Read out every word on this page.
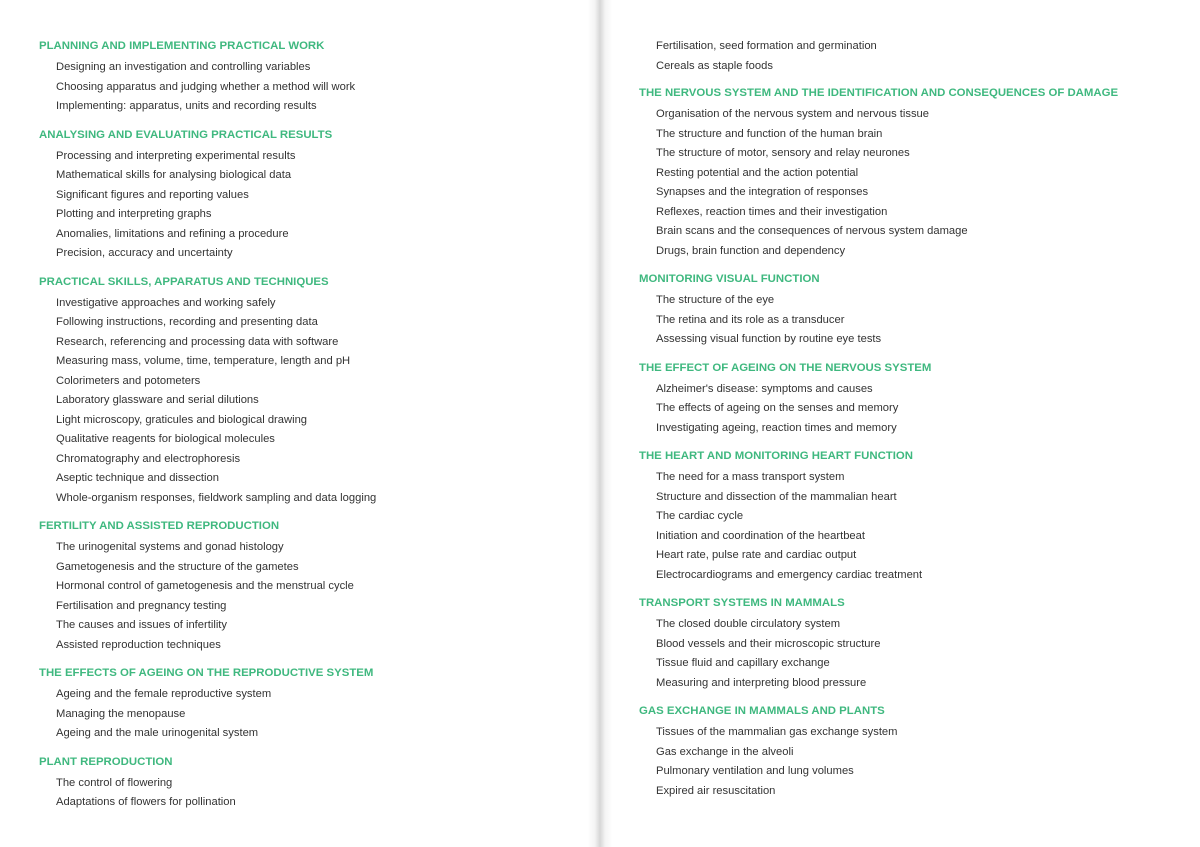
PLANNING AND IMPLEMENTING PRACTICAL WORK
Designing an investigation and controlling variables
Choosing apparatus and judging whether a method will work
Implementing: apparatus, units and recording results
ANALYSING AND EVALUATING PRACTICAL RESULTS
Processing and interpreting experimental results
Mathematical skills for analysing biological data
Significant figures and reporting values
Plotting and interpreting graphs
Anomalies, limitations and refining a procedure
Precision, accuracy and uncertainty
PRACTICAL SKILLS, APPARATUS AND TECHNIQUES
Investigative approaches and working safely
Following instructions, recording and presenting data
Research, referencing and processing data with software
Measuring mass, volume, time, temperature, length and pH
Colorimeters and potometers
Laboratory glassware and serial dilutions
Light microscopy, graticules and biological drawing
Qualitative reagents for biological molecules
Chromatography and electrophoresis
Aseptic technique and dissection
Whole-organism responses, fieldwork sampling and data logging
FERTILITY AND ASSISTED REPRODUCTION
The urinogenital systems and gonad histology
Gametogenesis and the structure of the gametes
Hormonal control of gametogenesis and the menstrual cycle
Fertilisation and pregnancy testing
The causes and issues of infertility
Assisted reproduction techniques
THE EFFECTS OF AGEING ON THE REPRODUCTIVE SYSTEM
Ageing and the female reproductive system
Managing the menopause
Ageing and the male urinogenital system
PLANT REPRODUCTION
The control of flowering
Adaptations of flowers for pollination
Fertilisation, seed formation and germination
Cereals as staple foods
THE NERVOUS SYSTEM AND THE IDENTIFICATION AND CONSEQUENCES OF DAMAGE
Organisation of the nervous system and nervous tissue
The structure and function of the human brain
The structure of motor, sensory and relay neurones
Resting potential and the action potential
Synapses and the integration of responses
Reflexes, reaction times and their investigation
Brain scans and the consequences of nervous system damage
Drugs, brain function and dependency
MONITORING VISUAL FUNCTION
The structure of the eye
The retina and its role as a transducer
Assessing visual function by routine eye tests
THE EFFECT OF AGEING ON THE NERVOUS SYSTEM
Alzheimer's disease: symptoms and causes
The effects of ageing on the senses and memory
Investigating ageing, reaction times and memory
THE HEART AND MONITORING HEART FUNCTION
The need for a mass transport system
Structure and dissection of the mammalian heart
The cardiac cycle
Initiation and coordination of the heartbeat
Heart rate, pulse rate and cardiac output
Electrocardiograms and emergency cardiac treatment
TRANSPORT SYSTEMS IN MAMMALS
The closed double circulatory system
Blood vessels and their microscopic structure
Tissue fluid and capillary exchange
Measuring and interpreting blood pressure
GAS EXCHANGE IN MAMMALS AND PLANTS
Tissues of the mammalian gas exchange system
Gas exchange in the alveoli
Pulmonary ventilation and lung volumes
Expired air resuscitation
